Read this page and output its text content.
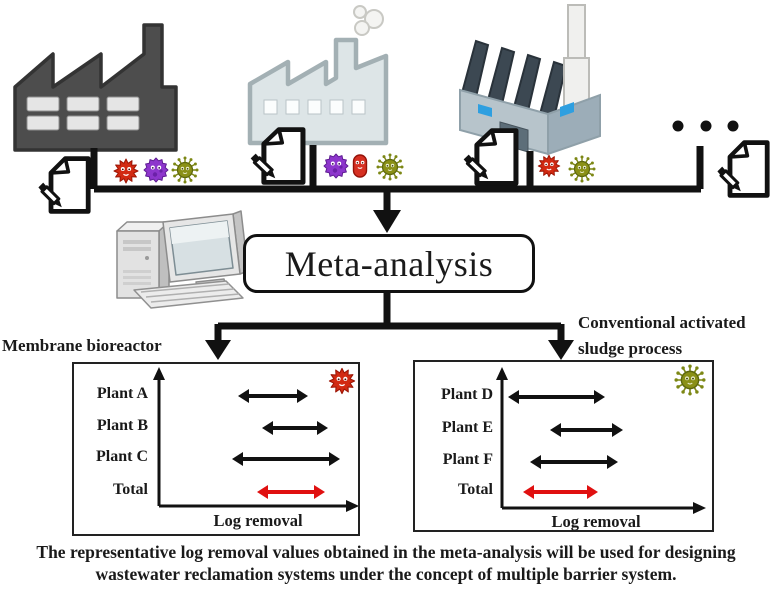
Meta-analysis
Membrane bioreactor
Conventional activated
sludge process
Plant A
Plant B
Plant C
Total
Log removal
Plant D
Plant E
Plant F
Total
Log removal
The representative log removal values obtained in the meta-analysis will be used for designing
wastewater reclamation systems under the concept of multiple barrier system.
